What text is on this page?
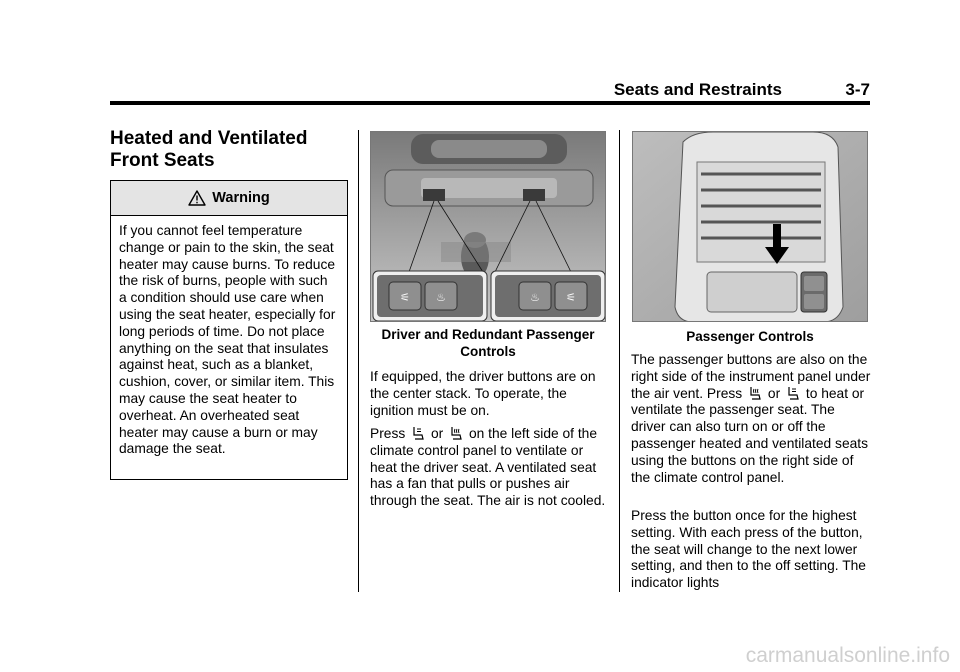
Seats and Restraints	3-7
Heated and Ventilated
Front Seats
Warning
If you cannot feel temperature change or pain to the skin, the seat heater may cause burns. To reduce the risk of burns, people with such a condition should use care when using the seat heater, especially for long periods of time. Do not place anything on the seat that insulates against heat, such as a blanket, cushion, cover, or similar item. This may cause the seat heater to overheat. An overheated seat heater may cause a burn or may damage the seat.
⚟ ♨	♨ ⚟
Driver and Redundant Passenger
Controls
If equipped, the driver buttons are on the center stack. To operate, the ignition must be on.
Press or on the left side of the climate control panel to ventilate or heat the driver seat. A ventilated seat has a fan that pulls or pushes air through the seat. The air is not cooled.
Passenger Controls
The passenger buttons are also on the right side of the instrument panel under the air vent. Press or to heat or ventilate the passenger seat. The driver can also turn on or off the passenger heated and ventilated seats using the buttons on the right side of the climate control panel.
Press the button once for the highest setting. With each press of the button, the seat will change to the next lower setting, and then to the off setting. The indicator lights
carmanualsonline.info
